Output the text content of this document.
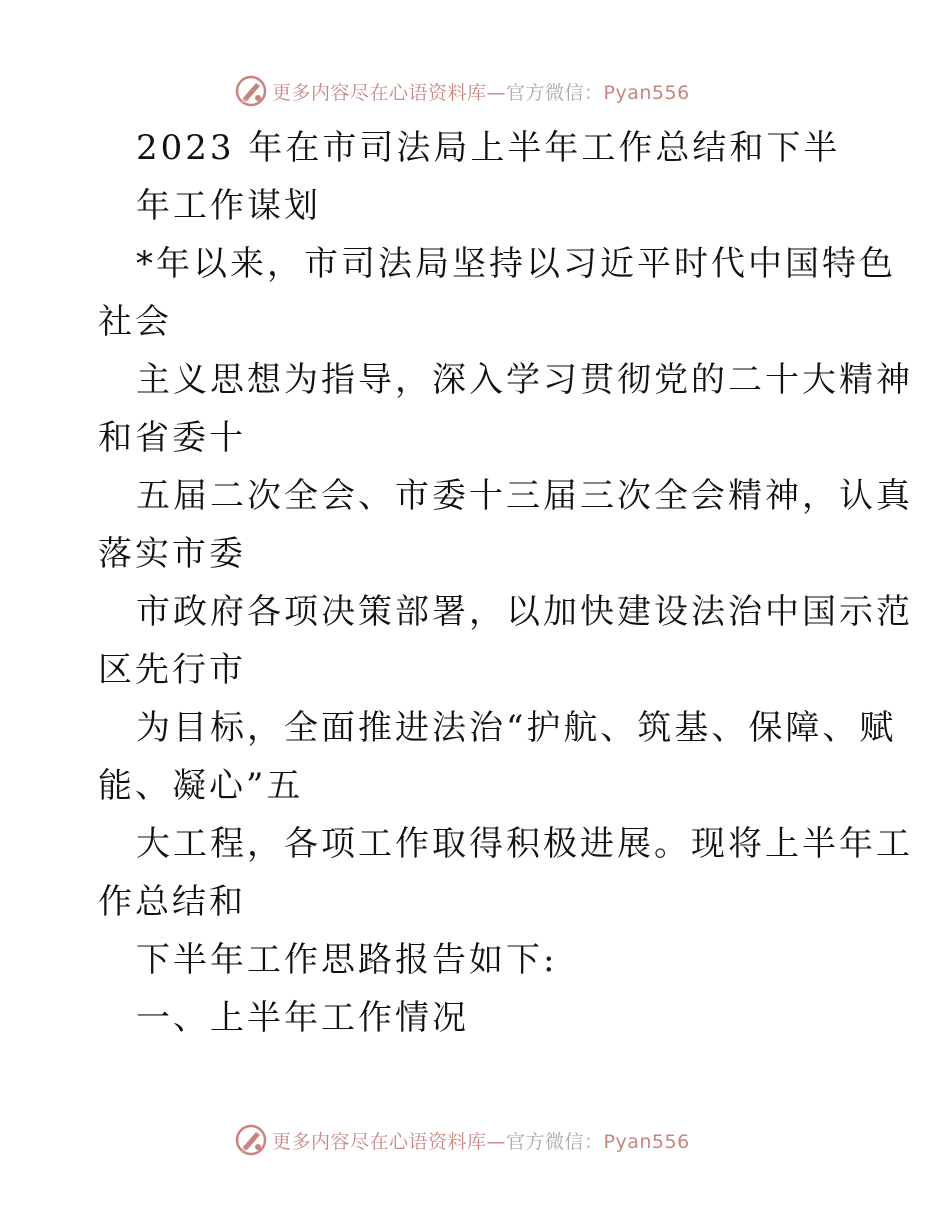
更多内容尽在心语资料库—官方微信：Pyan556
2023 年在市司法局上半年工作总结和下半
年工作谋划
*年以来，市司法局坚持以习近平时代中国特色
社会
主义思想为指导，深入学习贯彻党的二十大精神
和省委十
五届二次全会、市委十三届三次全会精神，认真
落实市委
市政府各项决策部署，以加快建设法治中国示范
区先行市
为目标，全面推进法治“护航、筑基、保障、赋
能、凝心”五
大工程，各项工作取得积极进展。现将上半年工
作总结和
下半年工作思路报告如下:
一、上半年工作情况
更多内容尽在心语资料库—官方微信：Pyan556
